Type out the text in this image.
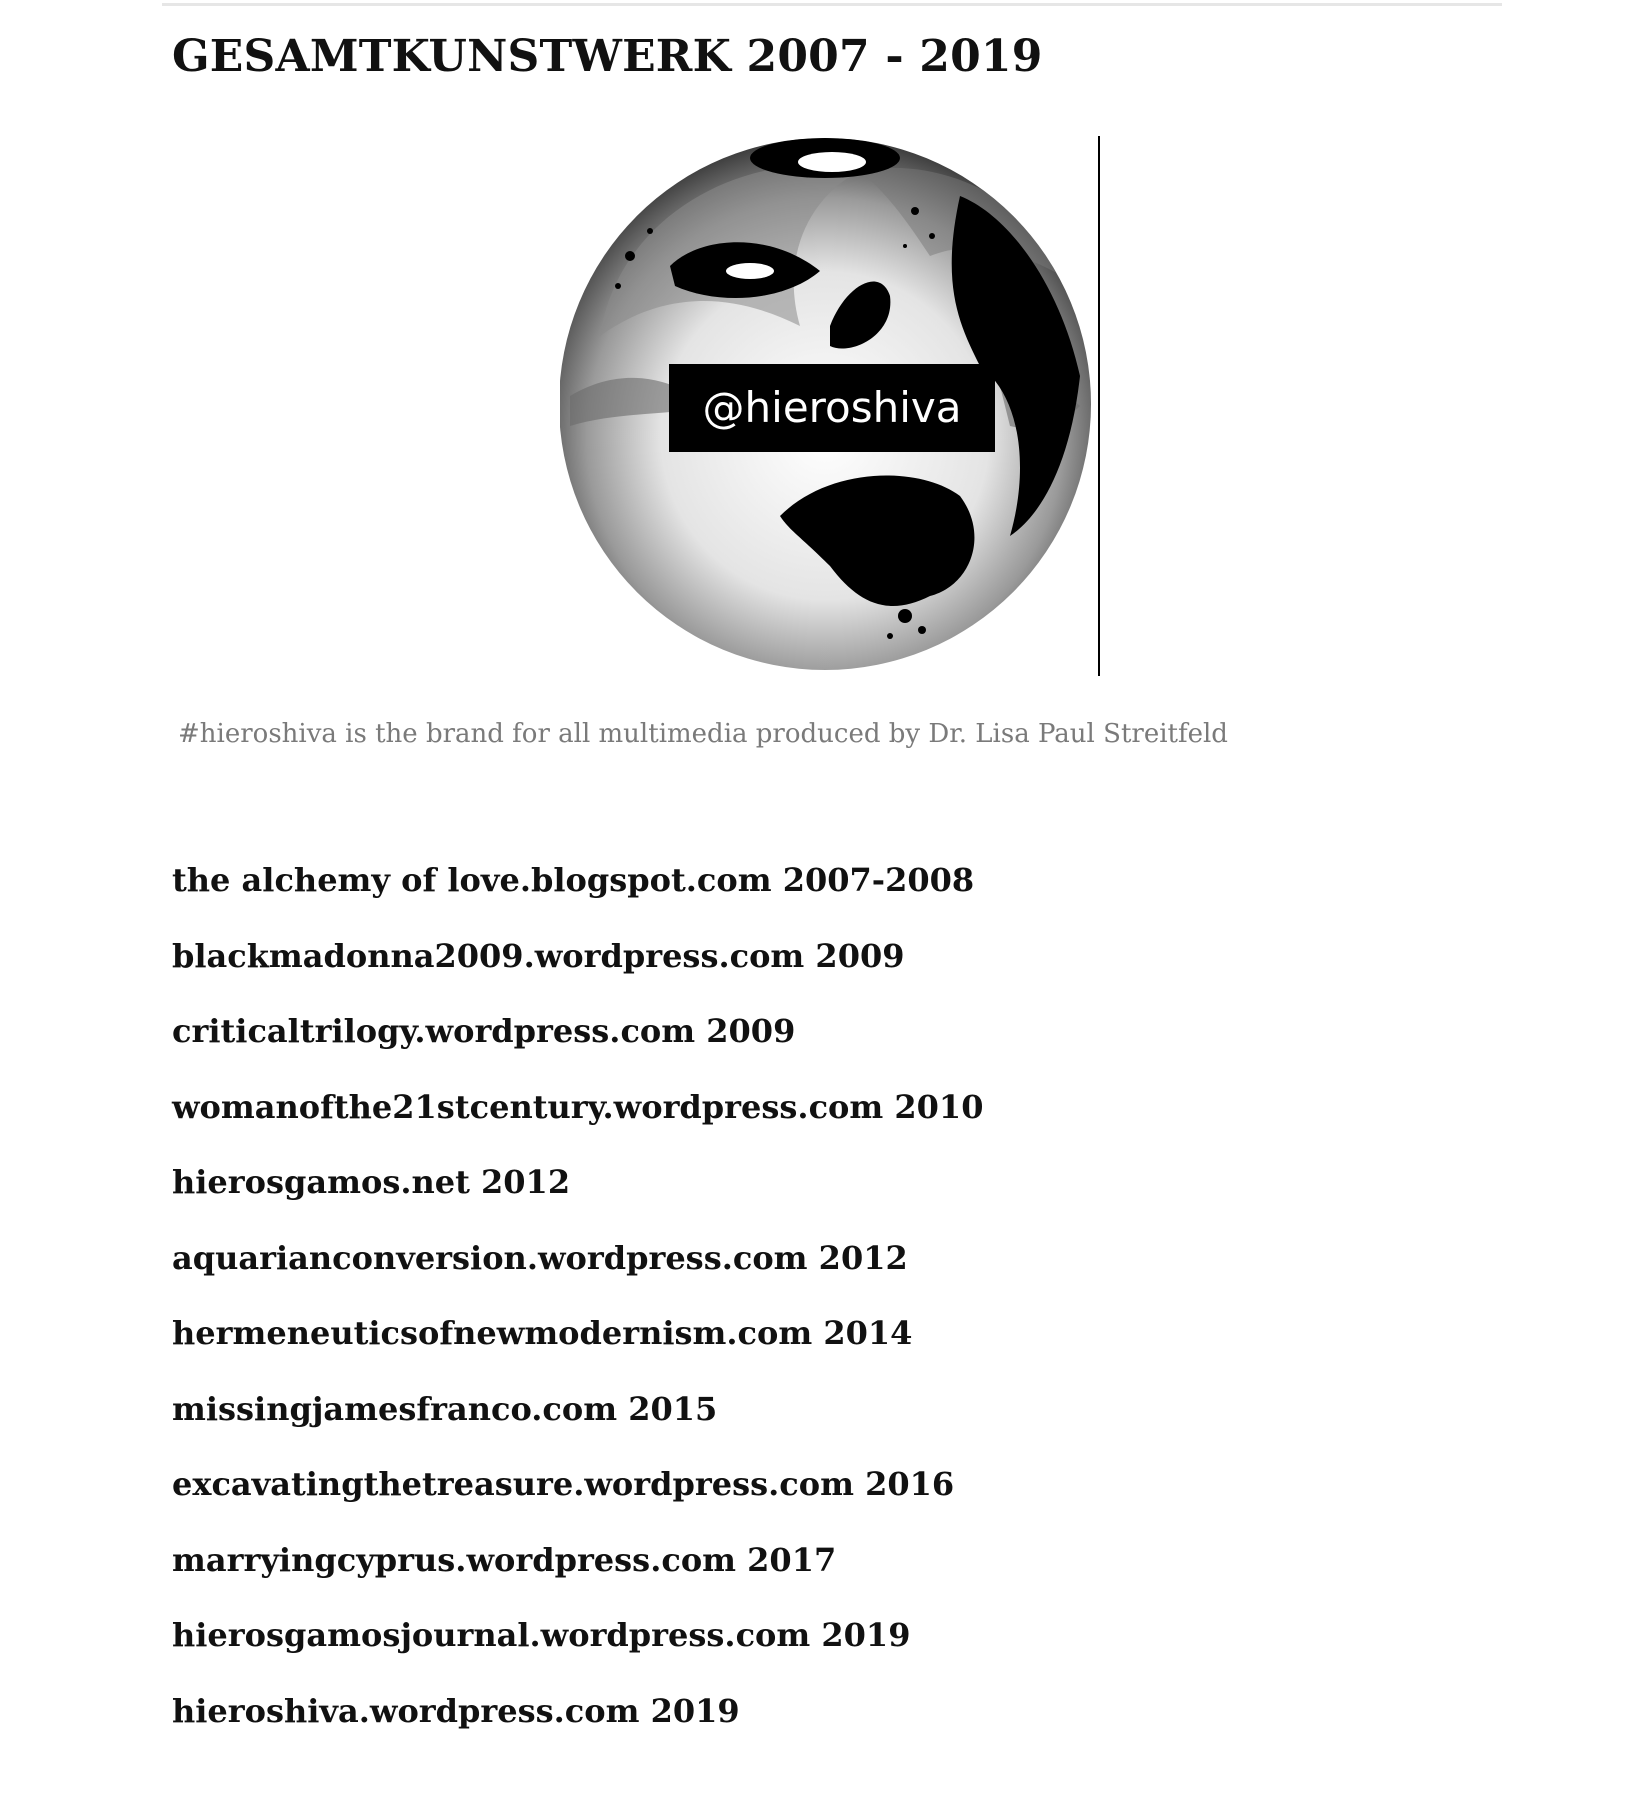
GESAMTKUNSTWERK 2007 - 2019
@hieroshiva

#hieroshiva is the brand for all multimedia produced by Dr. Lisa Paul Streitfeld

the alchemy of love.blogspot.com 2007-2008
blackmadonna2009.wordpress.com 2009
criticaltrilogy.wordpress.com 2009
womanofthe21stcentury.wordpress.com 2010
hierosgamos.net 2012
aquarianconversion.wordpress.com 2012
hermeneuticsofnewmodernism.com 2014
missingjamesfranco.com 2015
excavatingthetreasure.wordpress.com 2016
marryingcyprus.wordpress.com 2017
hierosgamosjournal.wordpress.com 2019
hieroshiva.wordpress.com 2019
